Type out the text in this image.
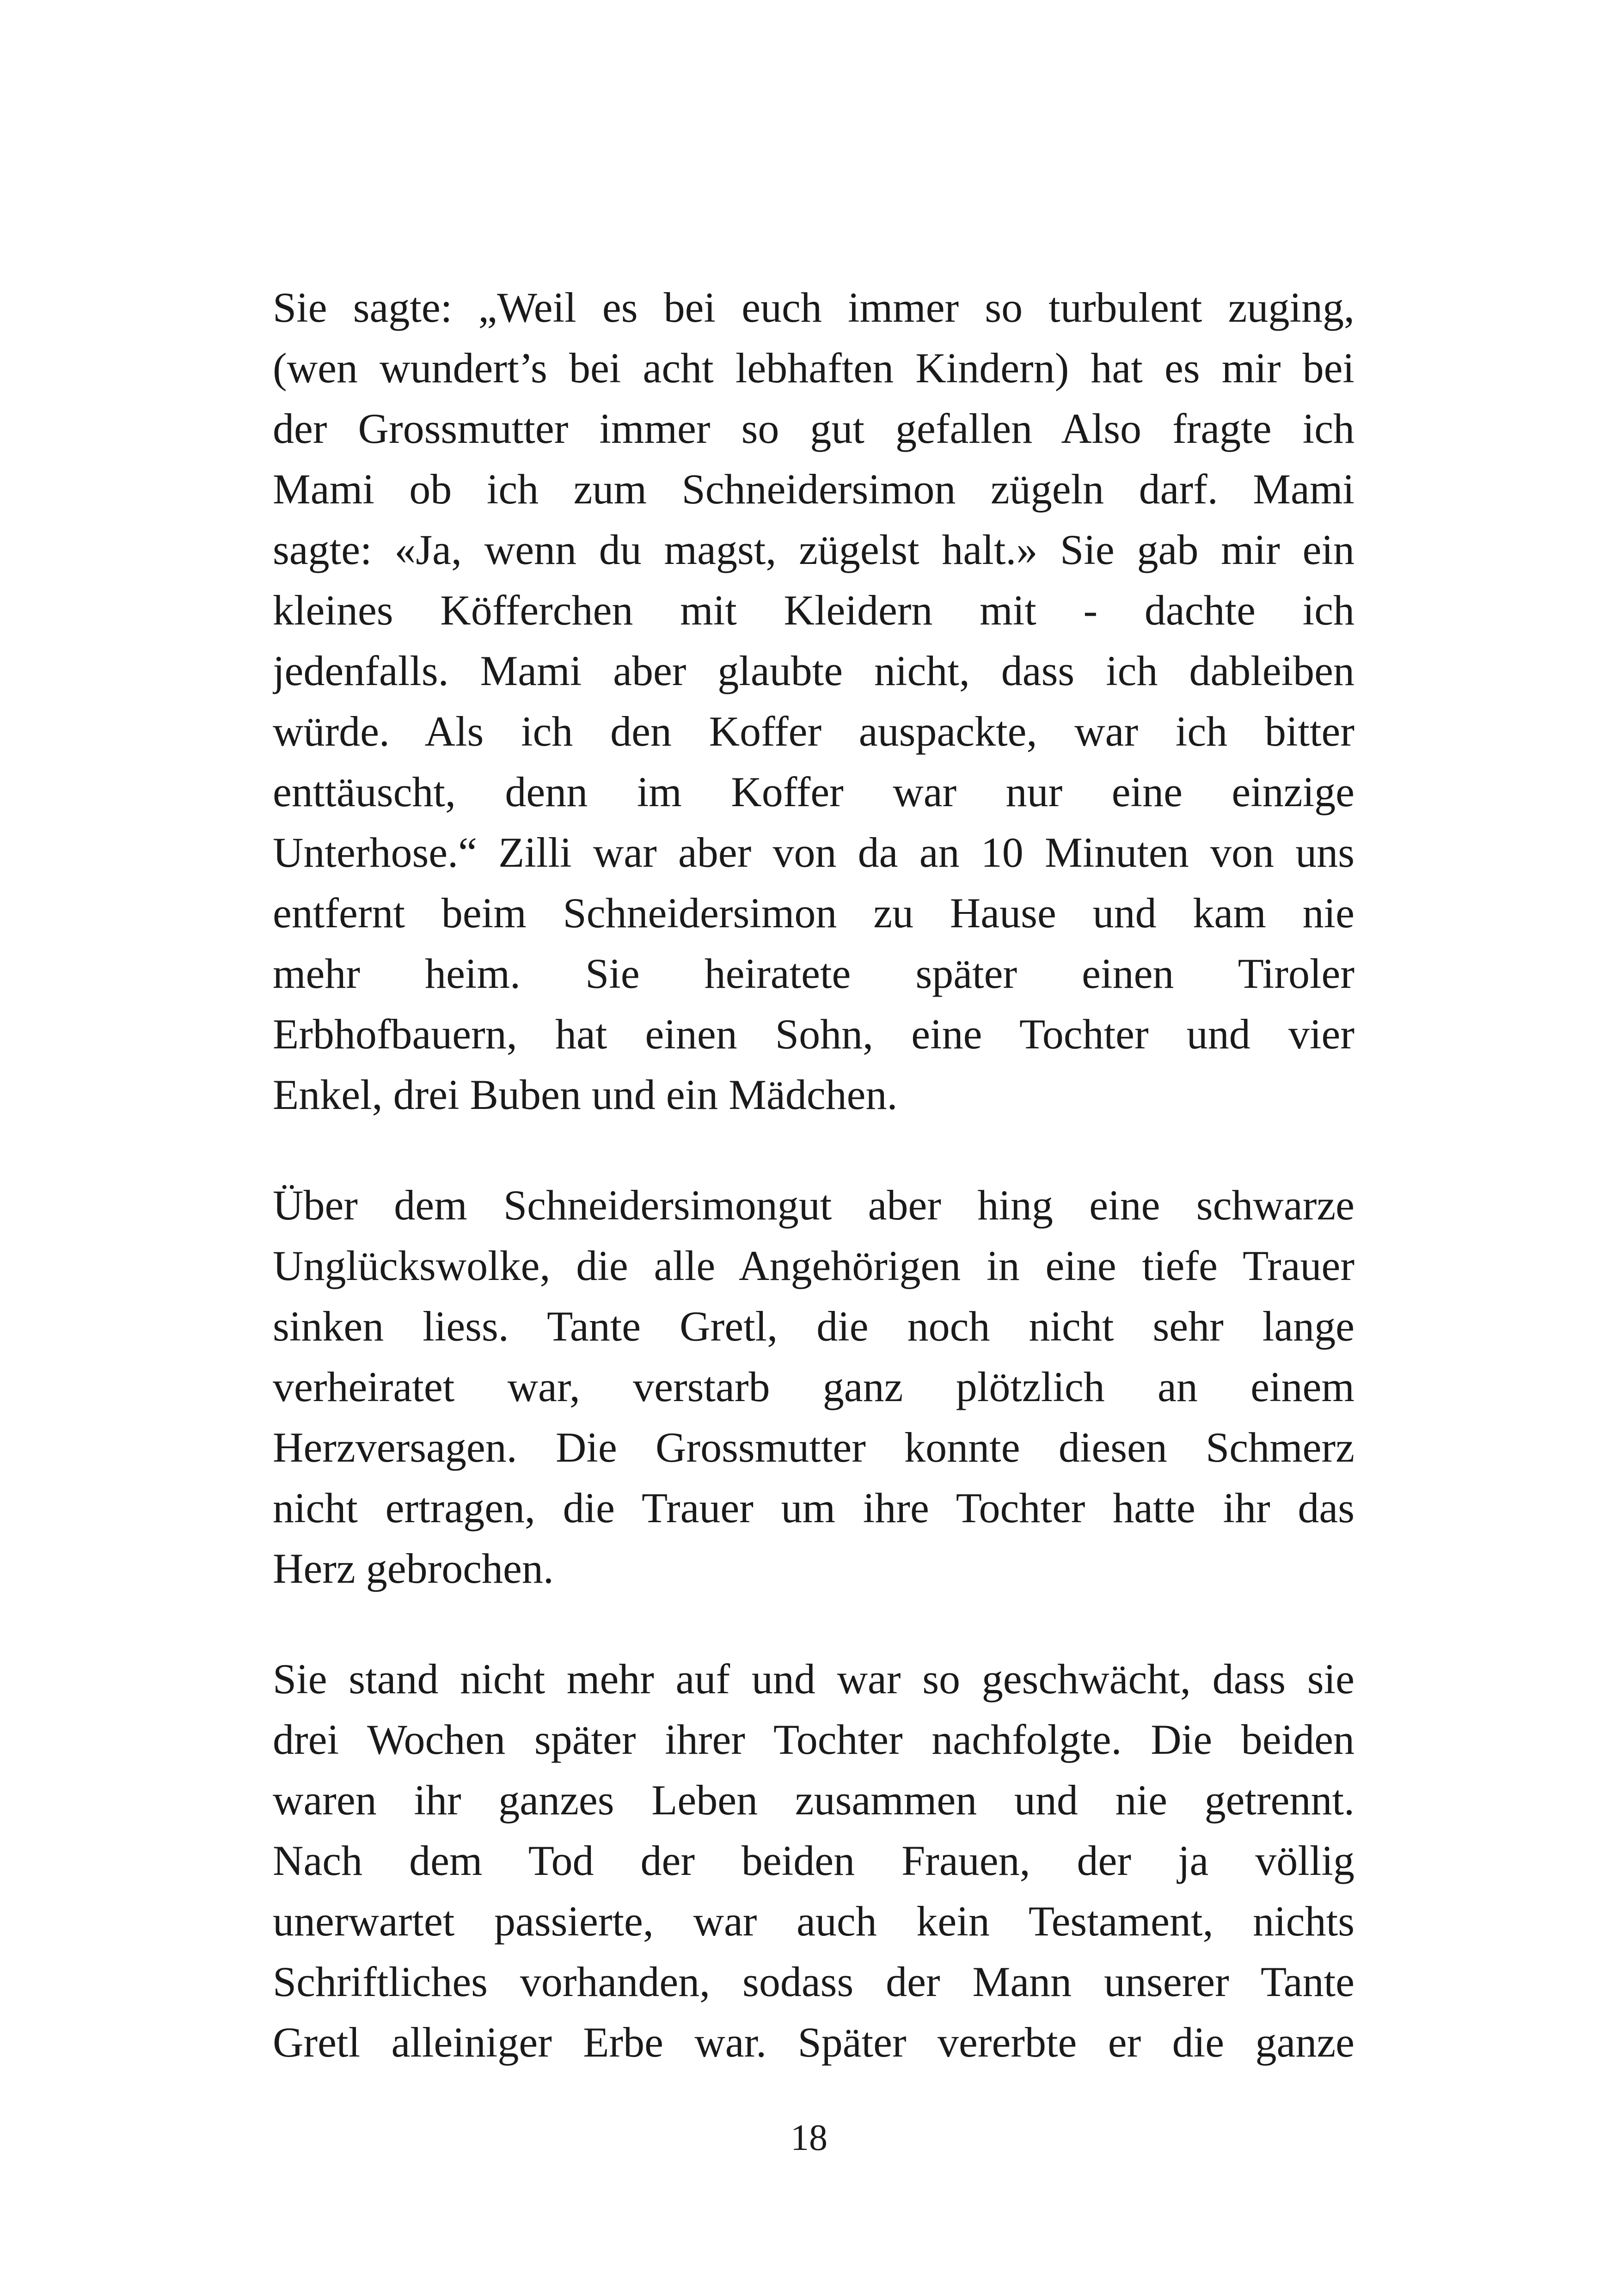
Sie sagte: „Weil es bei euch immer so turbulent zuging,
(wen wundert’s bei acht lebhaften Kindern) hat es mir bei
der Grossmutter immer so gut gefallen Also fragte ich
Mami ob ich zum Schneidersimon zügeln darf. Mami
sagte: «Ja, wenn du magst, zügelst halt.» Sie gab mir ein
kleines Köfferchen mit Kleidern mit - dachte ich
jedenfalls. Mami aber glaubte nicht, dass ich dableiben
würde. Als ich den Koffer auspackte, war ich bitter
enttäuscht, denn im Koffer war nur eine einzige
Unterhose.“ Zilli war aber von da an 10 Minuten von uns
entfernt beim Schneidersimon zu Hause und kam nie
mehr heim. Sie heiratete später einen Tiroler
Erbhofbauern, hat einen Sohn, eine Tochter und vier
Enkel, drei Buben und ein Mädchen.

Über dem Schneidersimongut aber hing eine schwarze
Unglückswolke, die alle Angehörigen in eine tiefe Trauer
sinken liess. Tante Gretl, die noch nicht sehr lange
verheiratet war, verstarb ganz plötzlich an einem
Herzversagen. Die Grossmutter konnte diesen Schmerz
nicht ertragen, die Trauer um ihre Tochter hatte ihr das
Herz gebrochen.

Sie stand nicht mehr auf und war so geschwächt, dass sie
drei Wochen später ihrer Tochter nachfolgte. Die beiden
waren ihr ganzes Leben zusammen und nie getrennt.
Nach dem Tod der beiden Frauen, der ja völlig
unerwartet passierte, war auch kein Testament, nichts
Schriftliches vorhanden, sodass der Mann unserer Tante
Gretl alleiniger Erbe war. Später vererbte er die ganze

18
